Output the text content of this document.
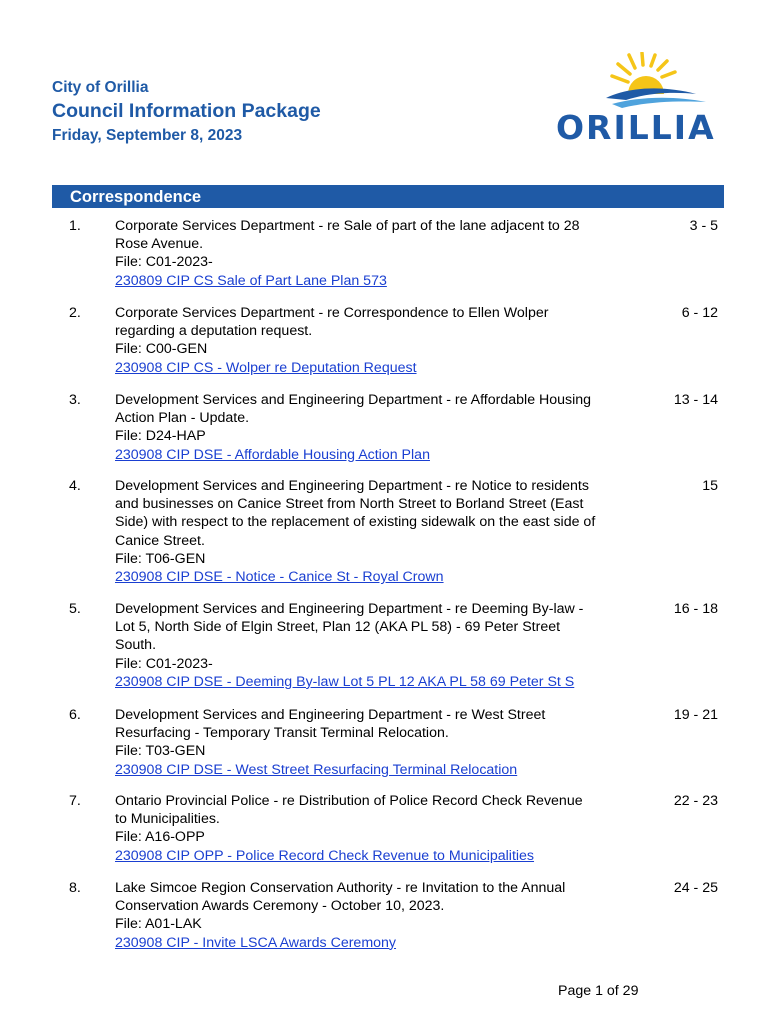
City of Orillia

Council Information Package

Friday, September 8, 2023	ORILLIA
Correspondence
1. Corporate Services Department - re Sale of part of the lane adjacent to 28
Rose Avenue.
File: C01-2023-
230809 CIP CS Sale of Part Lane Plan 573
3 - 5
2. Corporate Services Department - re Correspondence to Ellen Wolper
regarding a deputation request.
File: C00-GEN
230908 CIP CS - Wolper re Deputation Request
6 - 12
3. Development Services and Engineering Department - re Affordable Housing
Action Plan - Update.
File: D24-HAP
230908 CIP DSE - Affordable Housing Action Plan
13 - 14
4. Development Services and Engineering Department - re Notice to residents
and businesses on Canice Street from North Street to Borland Street (East
Side) with respect to the replacement of existing sidewalk on the east side of
Canice Street.
File: T06-GEN
230908 CIP DSE - Notice - Canice St - Royal Crown
15
5. Development Services and Engineering Department - re Deeming By-law -
Lot 5, North Side of Elgin Street, Plan 12 (AKA PL 58) - 69 Peter Street
South.
File: C01-2023-
230908 CIP DSE - Deeming By-law Lot 5 PL 12 AKA PL 58 69 Peter St S
16 - 18
6. Development Services and Engineering Department - re West Street
Resurfacing - Temporary Transit Terminal Relocation.
File: T03-GEN
230908 CIP DSE - West Street Resurfacing Terminal Relocation
19 - 21
7. Ontario Provincial Police - re Distribution of Police Record Check Revenue
to Municipalities.
File: A16-OPP
230908 CIP OPP - Police Record Check Revenue to Municipalities
22 - 23
8. Lake Simcoe Region Conservation Authority - re Invitation to the Annual
Conservation Awards Ceremony - October 10, 2023.
File: A01-LAK
230908 CIP - Invite LSCA Awards Ceremony
24 - 25
Page 1 of 29
